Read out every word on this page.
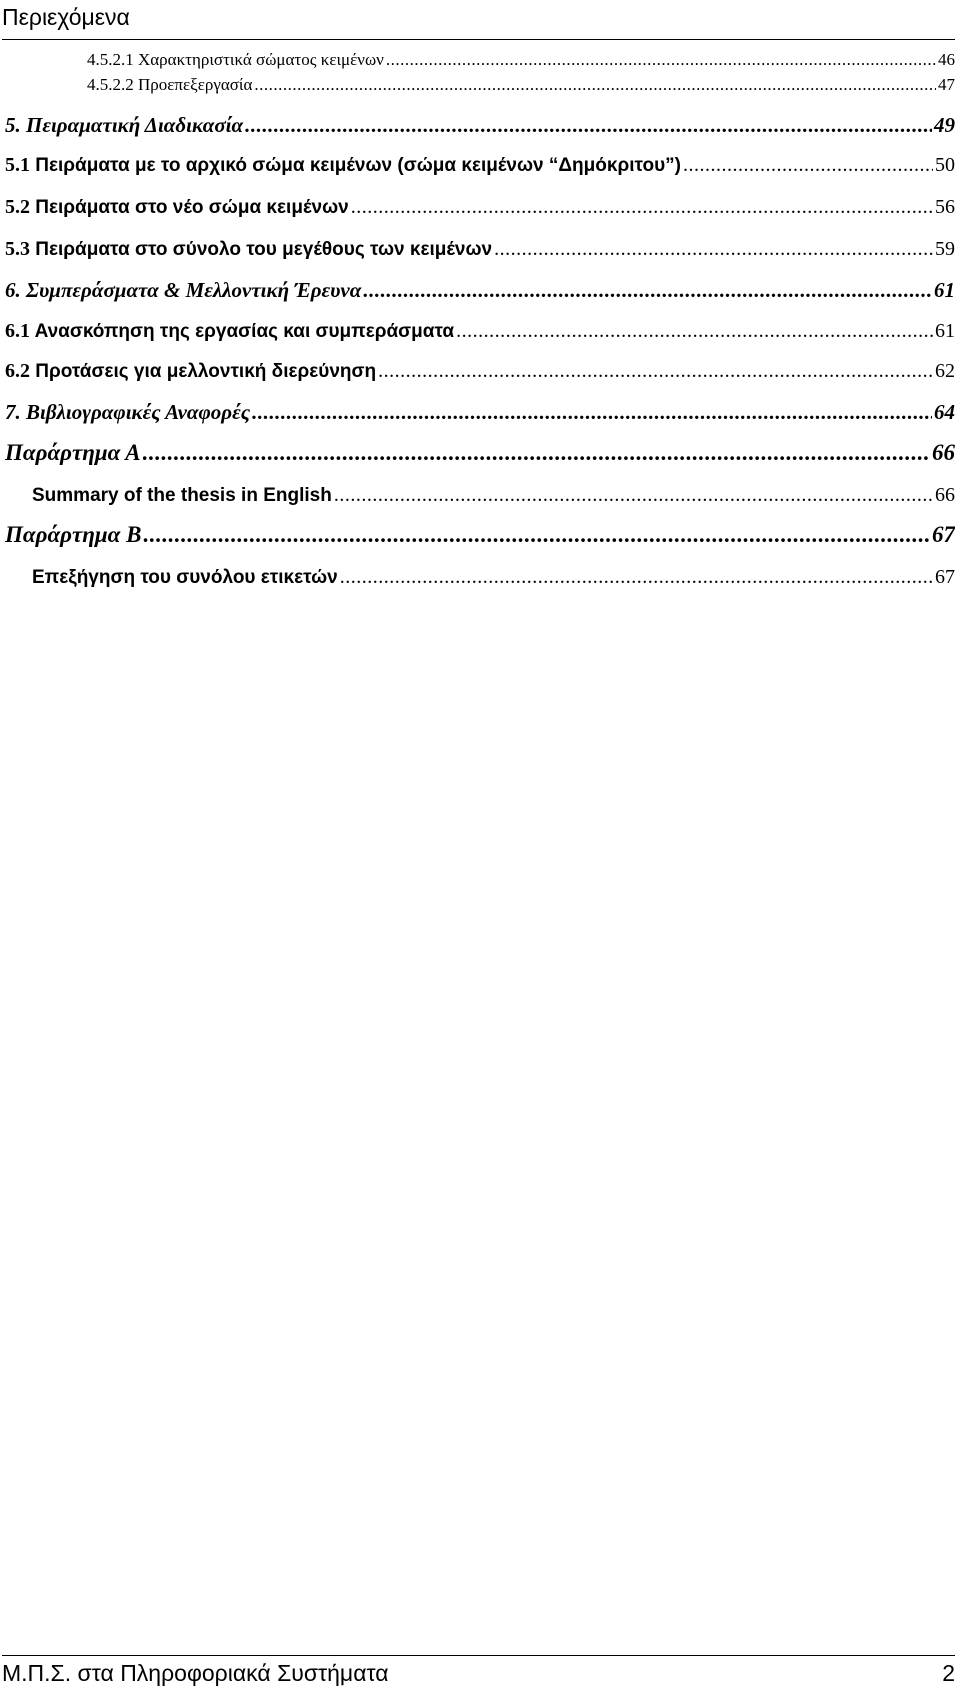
Περιεχόμενα
4.5.2.1 Χαρακτηριστικά σώματος κειμένων .....	46
4.5.2.2 Προεπεξεργασία .....	47
5. Πειραματική Διαδικασία .....	49
5.1 Πειράματα με το αρχικό σώμα κειμένων (σώμα κειμένων “Δημόκριτου”) .....	50
5.2 Πειράματα στο νέο σώμα κειμένων .....	56
5.3 Πειράματα στο σύνολο του μεγέθους των κειμένων .....	59
6. Συμπεράσματα & Μελλοντική Έρευνα .....	61
6.1 Ανασκόπηση της εργασίας και συμπεράσματα .....	61
6.2 Προτάσεις για μελλοντική διερεύνηση .....	62
7. Βιβλιογραφικές Αναφορές .....	64
Παράρτημα Α .....	66
Summary of the thesis in English .....	66
Παράρτημα Β .....	67
Επεξήγηση του συνόλου ετικετών .....	67
Μ.Π.Σ. στα Πληροφοριακά Συστήματα	2
